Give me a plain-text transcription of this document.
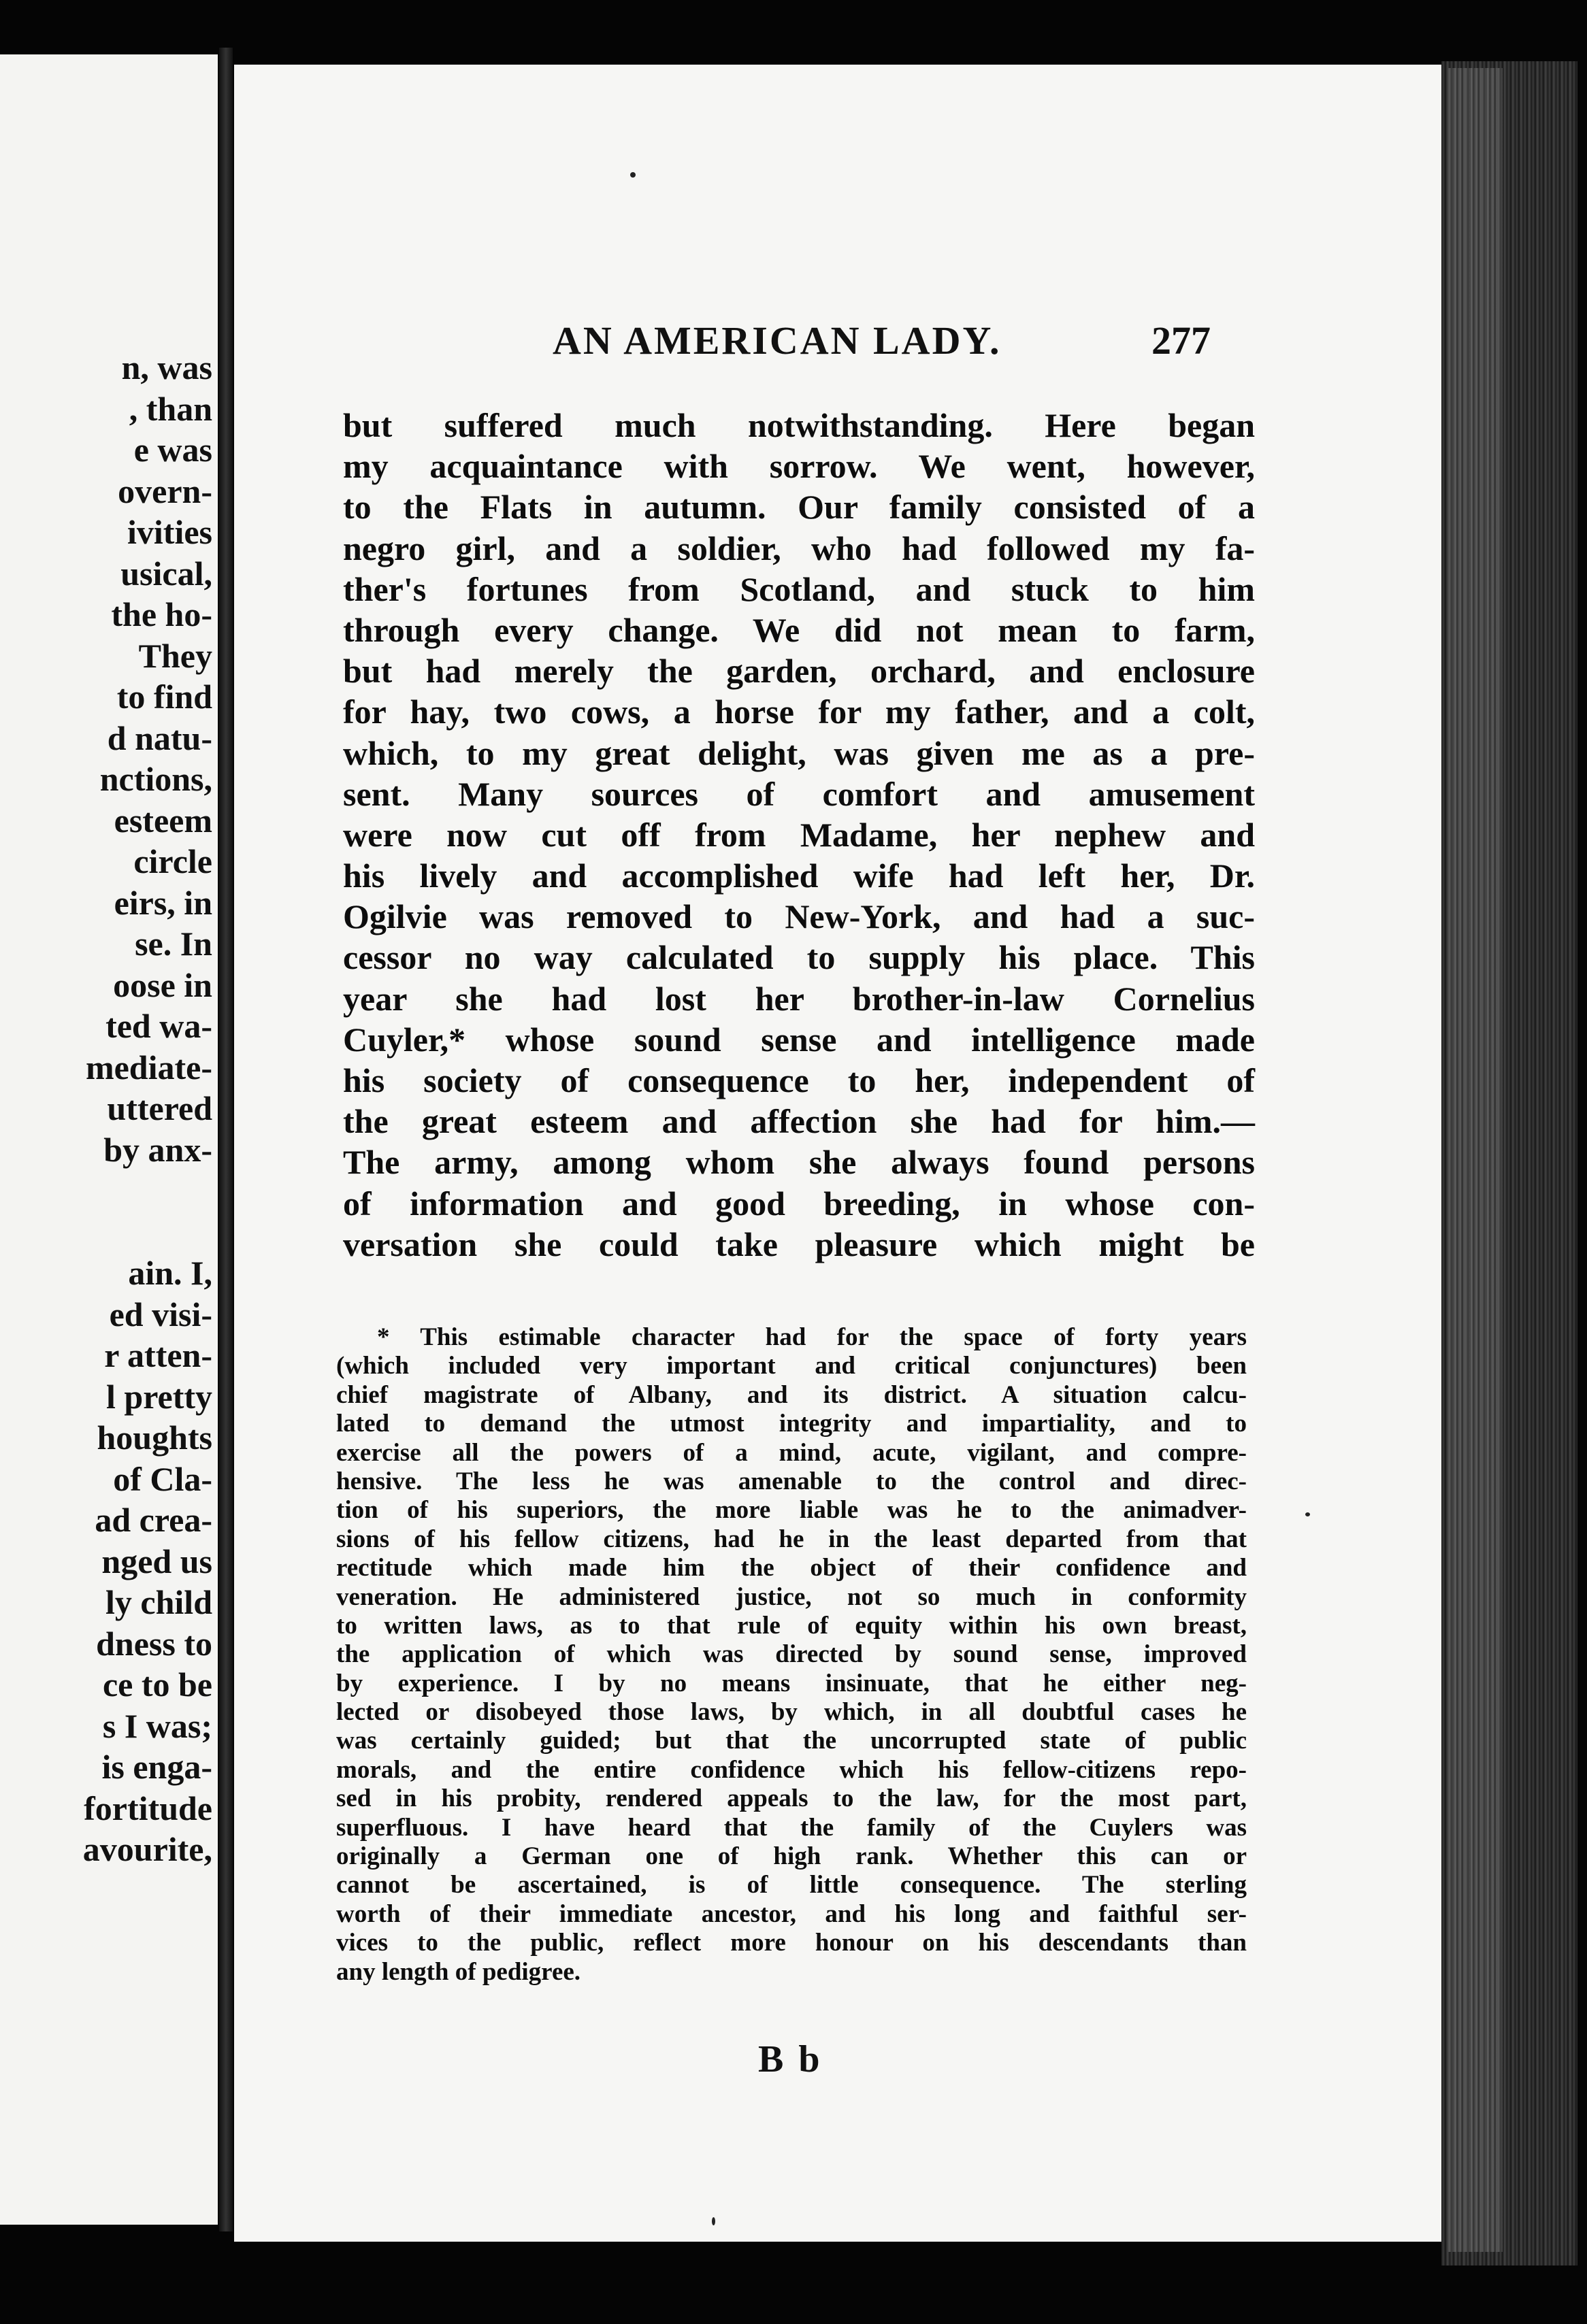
n, was
, than
e was
overn-
ivities
usical,
the ho-
They
to find
d natu-
nctions,
esteem
circle
eirs, in
se. In
oose in
ted wa-
mediate-
uttered
by anx-
ain. I,
ed visi-
r atten-
l pretty
houghts
of Cla-
ad crea-
nged us
ly child
dness to
ce to be
s I was;
is enga-
fortitude
avourite,
AN AMERICAN LADY.	277
but suffered much notwithstanding. Here began
my acquaintance with sorrow. We went, however,
to the Flats in autumn. Our family consisted of a
negro girl, and a soldier, who had followed my fa-
ther's fortunes from Scotland, and stuck to him
through every change. We did not mean to farm,
but had merely the garden, orchard, and enclosure
for hay, two cows, a horse for my father, and a colt,
which, to my great delight, was given me as a pre-
sent. Many sources of comfort and amusement
were now cut off from Madame, her nephew and
his lively and accomplished wife had left her, Dr.
Ogilvie was removed to New-York, and had a suc-
cessor no way calculated to supply his place. This
year she had lost her brother-in-law Cornelius
Cuyler,* whose sound sense and intelligence made
his society of consequence to her, independent of
the great esteem and affection she had for him.—
The army, among whom she always found persons
of information and good breeding, in whose con-
versation she could take pleasure which might be
* This estimable character had for the space of forty years
(which included very important and critical conjunctures) been
chief magistrate of Albany, and its district. A situation calcu-
lated to demand the utmost integrity and impartiality, and to
exercise all the powers of a mind, acute, vigilant, and compre-
hensive. The less he was amenable to the control and direc-
tion of his superiors, the more liable was he to the animadver-
sions of his fellow citizens, had he in the least departed from that
rectitude which made him the object of their confidence and
veneration. He administered justice, not so much in conformity
to written laws, as to that rule of equity within his own breast,
the application of which was directed by sound sense, improved
by experience. I by no means insinuate, that he either neg-
lected or disobeyed those laws, by which, in all doubtful cases he
was certainly guided; but that the uncorrupted state of public
morals, and the entire confidence which his fellow-citizens repo-
sed in his probity, rendered appeals to the law, for the most part,
superfluous. I have heard that the family of the Cuylers was
originally a German one of high rank. Whether this can or
cannot be ascertained, is of little consequence. The sterling
worth of their immediate ancestor, and his long and faithful ser-
vices to the public, reflect more honour on his descendants than
any length of pedigree.
B b
